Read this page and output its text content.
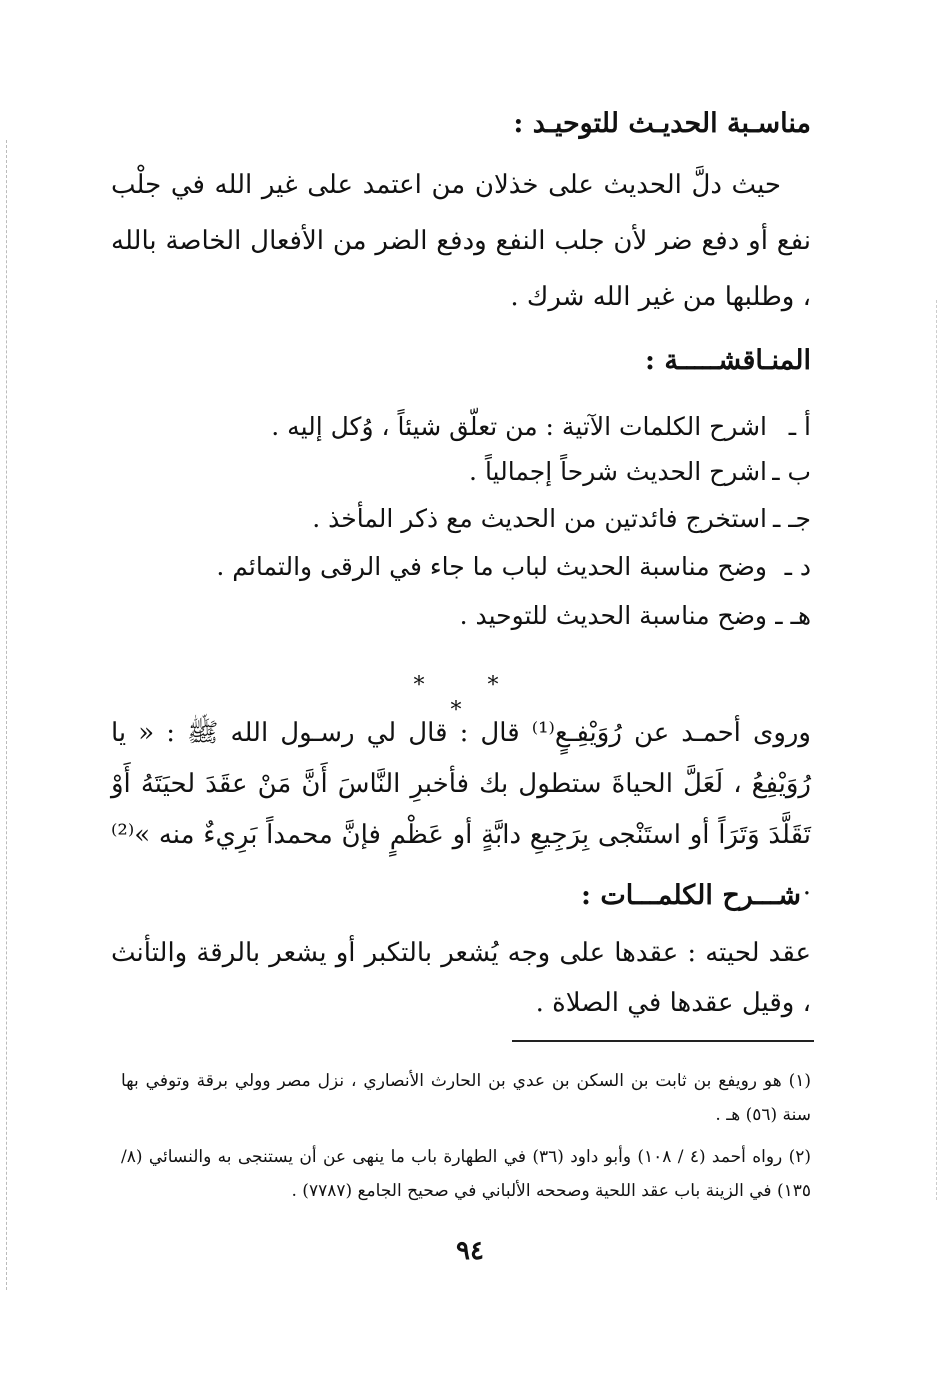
مناسـبة الحديـث للتوحيـد :
حيث دلَّ الحديث على خذلان من اعتمد على غير الله في جلْب نفع أو دفع ضر لأن جلب النفع ودفع الضر من الأفعال الخاصة بالله ، وطلبها من غير الله شرك .
المنـاقشـــــة :
أ ـاشرح الكلمات الآتية : من تعلّق شيئاً ، وُكل إليه .
ب ـاشرح الحديث شرحاً إجمالياً .
جـ ـاستخرج فائدتين من الحديث مع ذكر المأخذ .
د ـوضح مناسبة الحديث لباب ما جاء في الرقى والتمائم .
هـ ـوضح مناسبة الحديث للتوحيد .
* * *
وروى أحمـد عن رُوَيْفِـعٍ⁽¹⁾ قال : قال لي رسـول الله ﷺ : « يا رُوَيْفِعُ ، لَعَلَّ الحياةَ ستطول بك فأخبرِ النَّاسَ أَنَّ مَنْ عقَدَ لحيَتَهُ أَوْ تَقَلَّدَ وَتَرَاً أو استَنْجى بِرَجِيعِ دابَّةٍ أو عَظْمٍ فإنَّ محمداً بَرِيءٌ منه »⁽²⁾ .
شـــرح الكلمـــات :
عقد لحيته : عقدها على وجه يُشعر بالتكبر أو يشعر بالرقة والتأنث ، وقيل عقدها في الصلاة .
(١) هو رويفع بن ثابت بن السكن بن عدي بن الحارث الأنصاري ، نزل مصر وولي برقة وتوفي بها سنة (٥٦) هـ .
(٢) رواه أحمد (٤ / ١٠٨) وأبو داود (٣٦) في الطهارة باب ما ينهى عن أن يستنجى به والنسائي (٨/ ١٣٥) في الزينة باب عقد اللحية وصححه الألباني في صحيح الجامع (٧٧٨٧) .
٩٤
